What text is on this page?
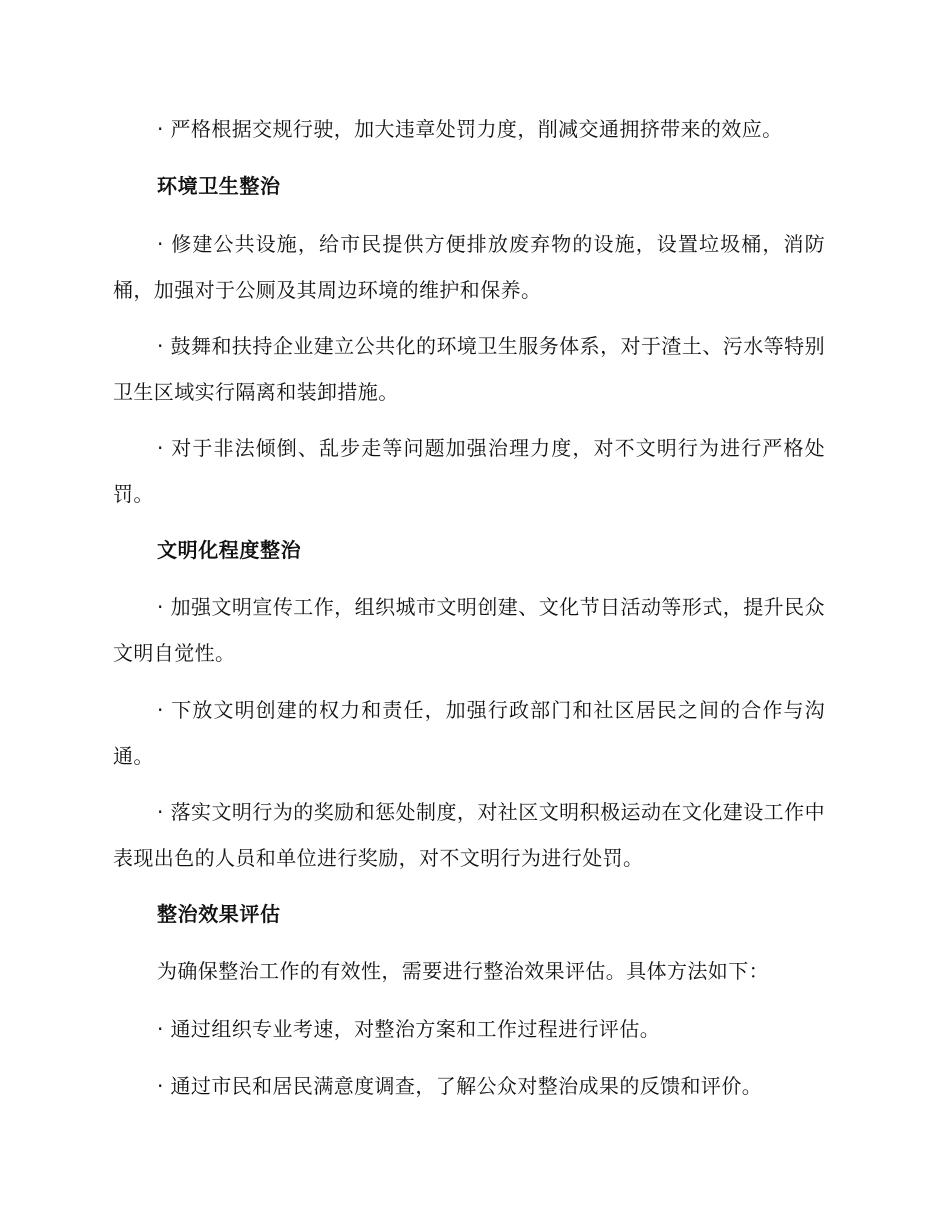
· 严格根据交规行驶，加大违章处罚力度，削减交通拥挤带来的效应。

环境卫生整治

· 修建公共设施，给市民提供方便排放废弃物的设施，设置垃圾桶，消防桶，加强对于公厕及其周边环境的维护和保养。

· 鼓舞和扶持企业建立公共化的环境卫生服务体系，对于渣土、污水等特别卫生区域实行隔离和装卸措施。

· 对于非法倾倒、乱步走等问题加强治理力度，对不文明行为进行严格处罚。

文明化程度整治

· 加强文明宣传工作，组织城市文明创建、文化节日活动等形式，提升民众文明自觉性。

· 下放文明创建的权力和责任，加强行政部门和社区居民之间的合作与沟通。

· 落实文明行为的奖励和惩处制度，对社区文明积极运动在文化建设工作中表现出色的人员和单位进行奖励，对不文明行为进行处罚。

整治效果评估

为确保整治工作的有效性，需要进行整治效果评估。具体方法如下：

· 通过组织专业考速，对整治方案和工作过程进行评估。

· 通过市民和居民满意度调查，了解公众对整治成果的反馈和评价。
